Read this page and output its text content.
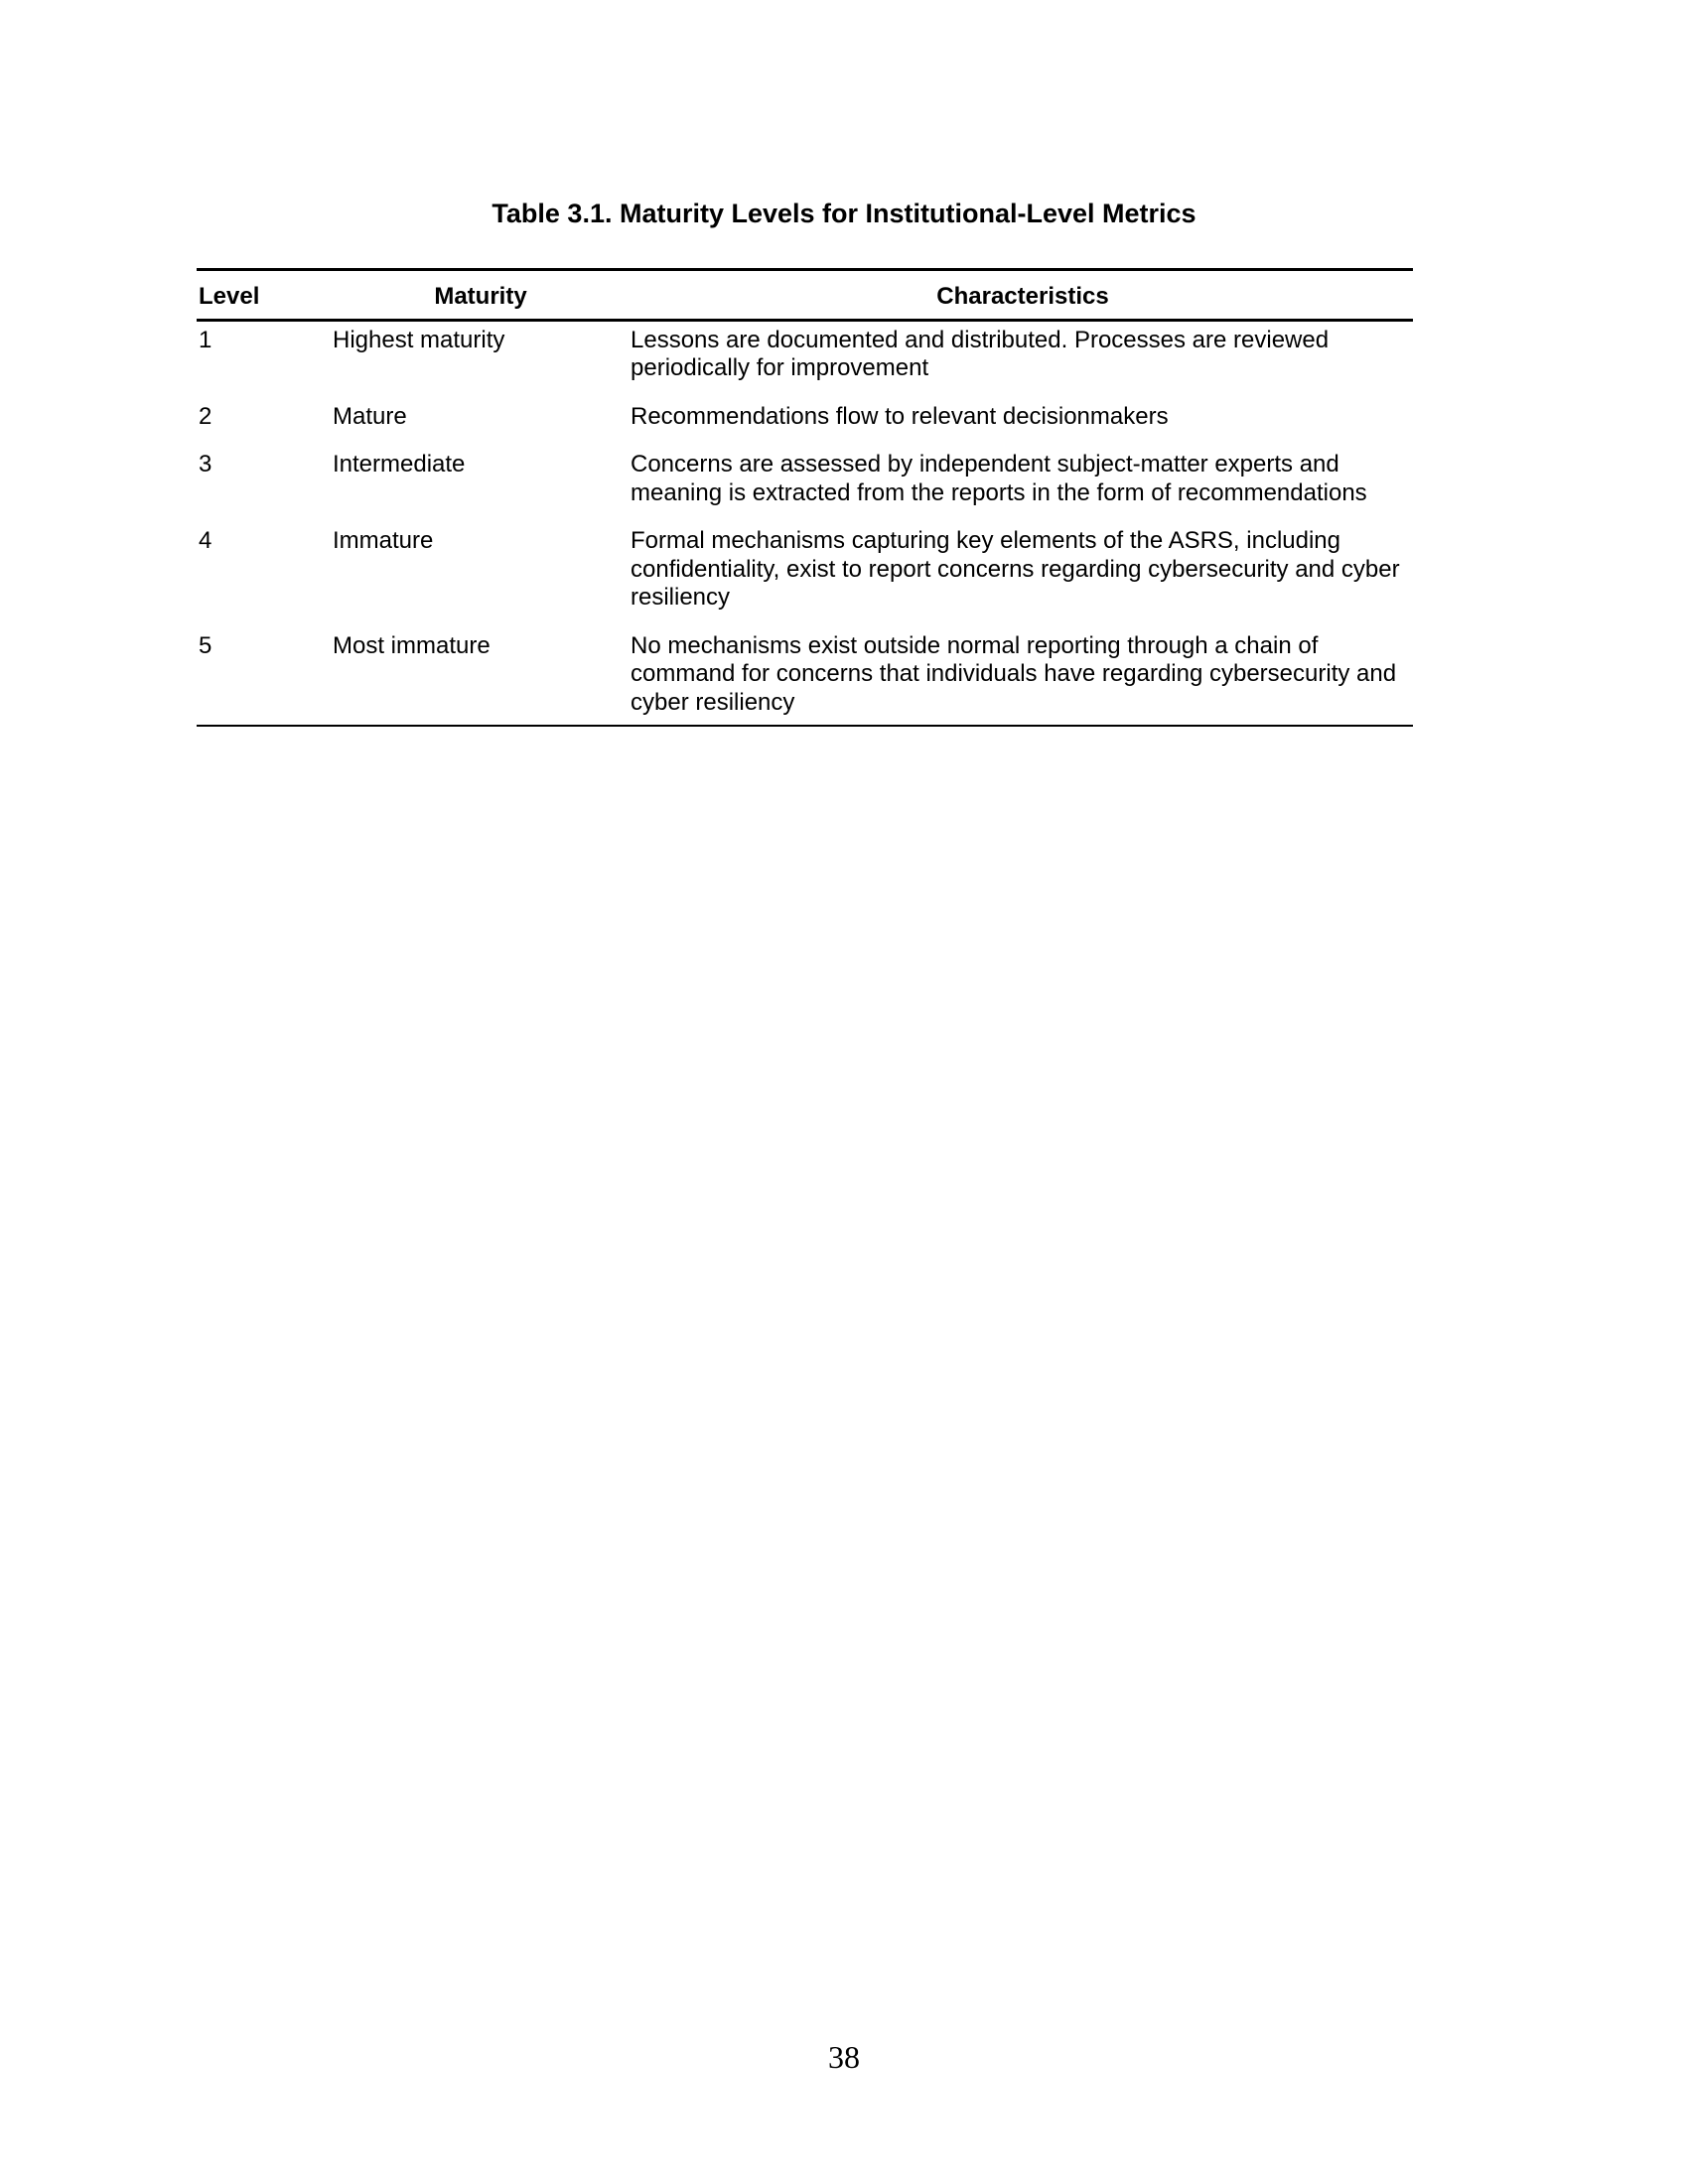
Table 3.1. Maturity Levels for Institutional-Level Metrics
Level	Maturity	Characteristics
1	Highest maturity	Lessons are documented and distributed. Processes are reviewed periodically for improvement
2	Mature	Recommendations flow to relevant decisionmakers
3	Intermediate	Concerns are assessed by independent subject-matter experts and meaning is extracted from the reports in the form of recommendations
4	Immature	Formal mechanisms capturing key elements of the ASRS, including confidentiality, exist to report concerns regarding cybersecurity and cyber resiliency
5	Most immature	No mechanisms exist outside normal reporting through a chain of command for concerns that individuals have regarding cybersecurity and cyber resiliency
38
